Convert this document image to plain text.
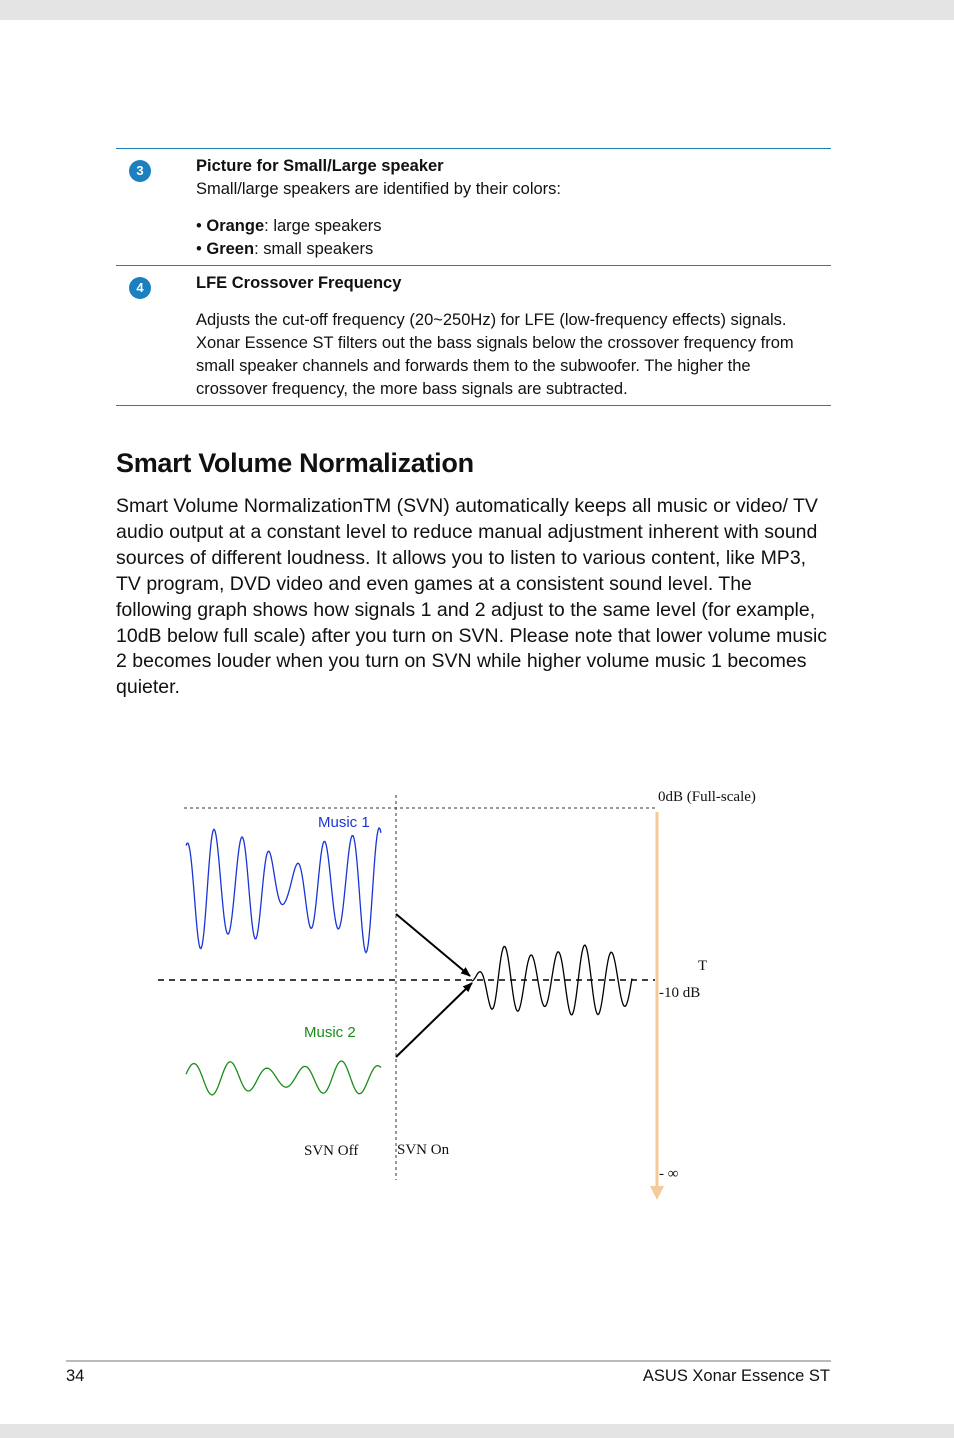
3	Picture for Small/Large speaker
Small/large speakers are identified by their colors:
• Orange: large speakers
• Green: small speakers
4	LFE Crossover Frequency
Adjusts the cut-off frequency (20~250Hz) for LFE (low-frequency effects) signals. Xonar Essence ST filters out the bass signals below the crossover frequency from small speaker channels and forwards them to the subwoofer. The higher the crossover frequency, the more bass signals are subtracted.
Smart Volume Normalization

Smart Volume NormalizationTM (SVN) automatically keeps all music or video/ TV audio output at a constant level to reduce manual adjustment inherent with sound sources of different loudness. It allows you to listen to various content, like MP3, TV program, DVD video and even games at a consistent sound level. The following graph shows how signals 1 and 2 adjust to the same level (for example, 10dB below full scale) after you turn on SVN. Please note that lower volume music 2 becomes louder when you turn on SVN while higher volume music 1 becomes quieter.

Music 1
Music 2
0dB (Full-scale)
T
-10 dB
- ∞
SVN Off	SVN On
34	ASUS Xonar Essence ST
